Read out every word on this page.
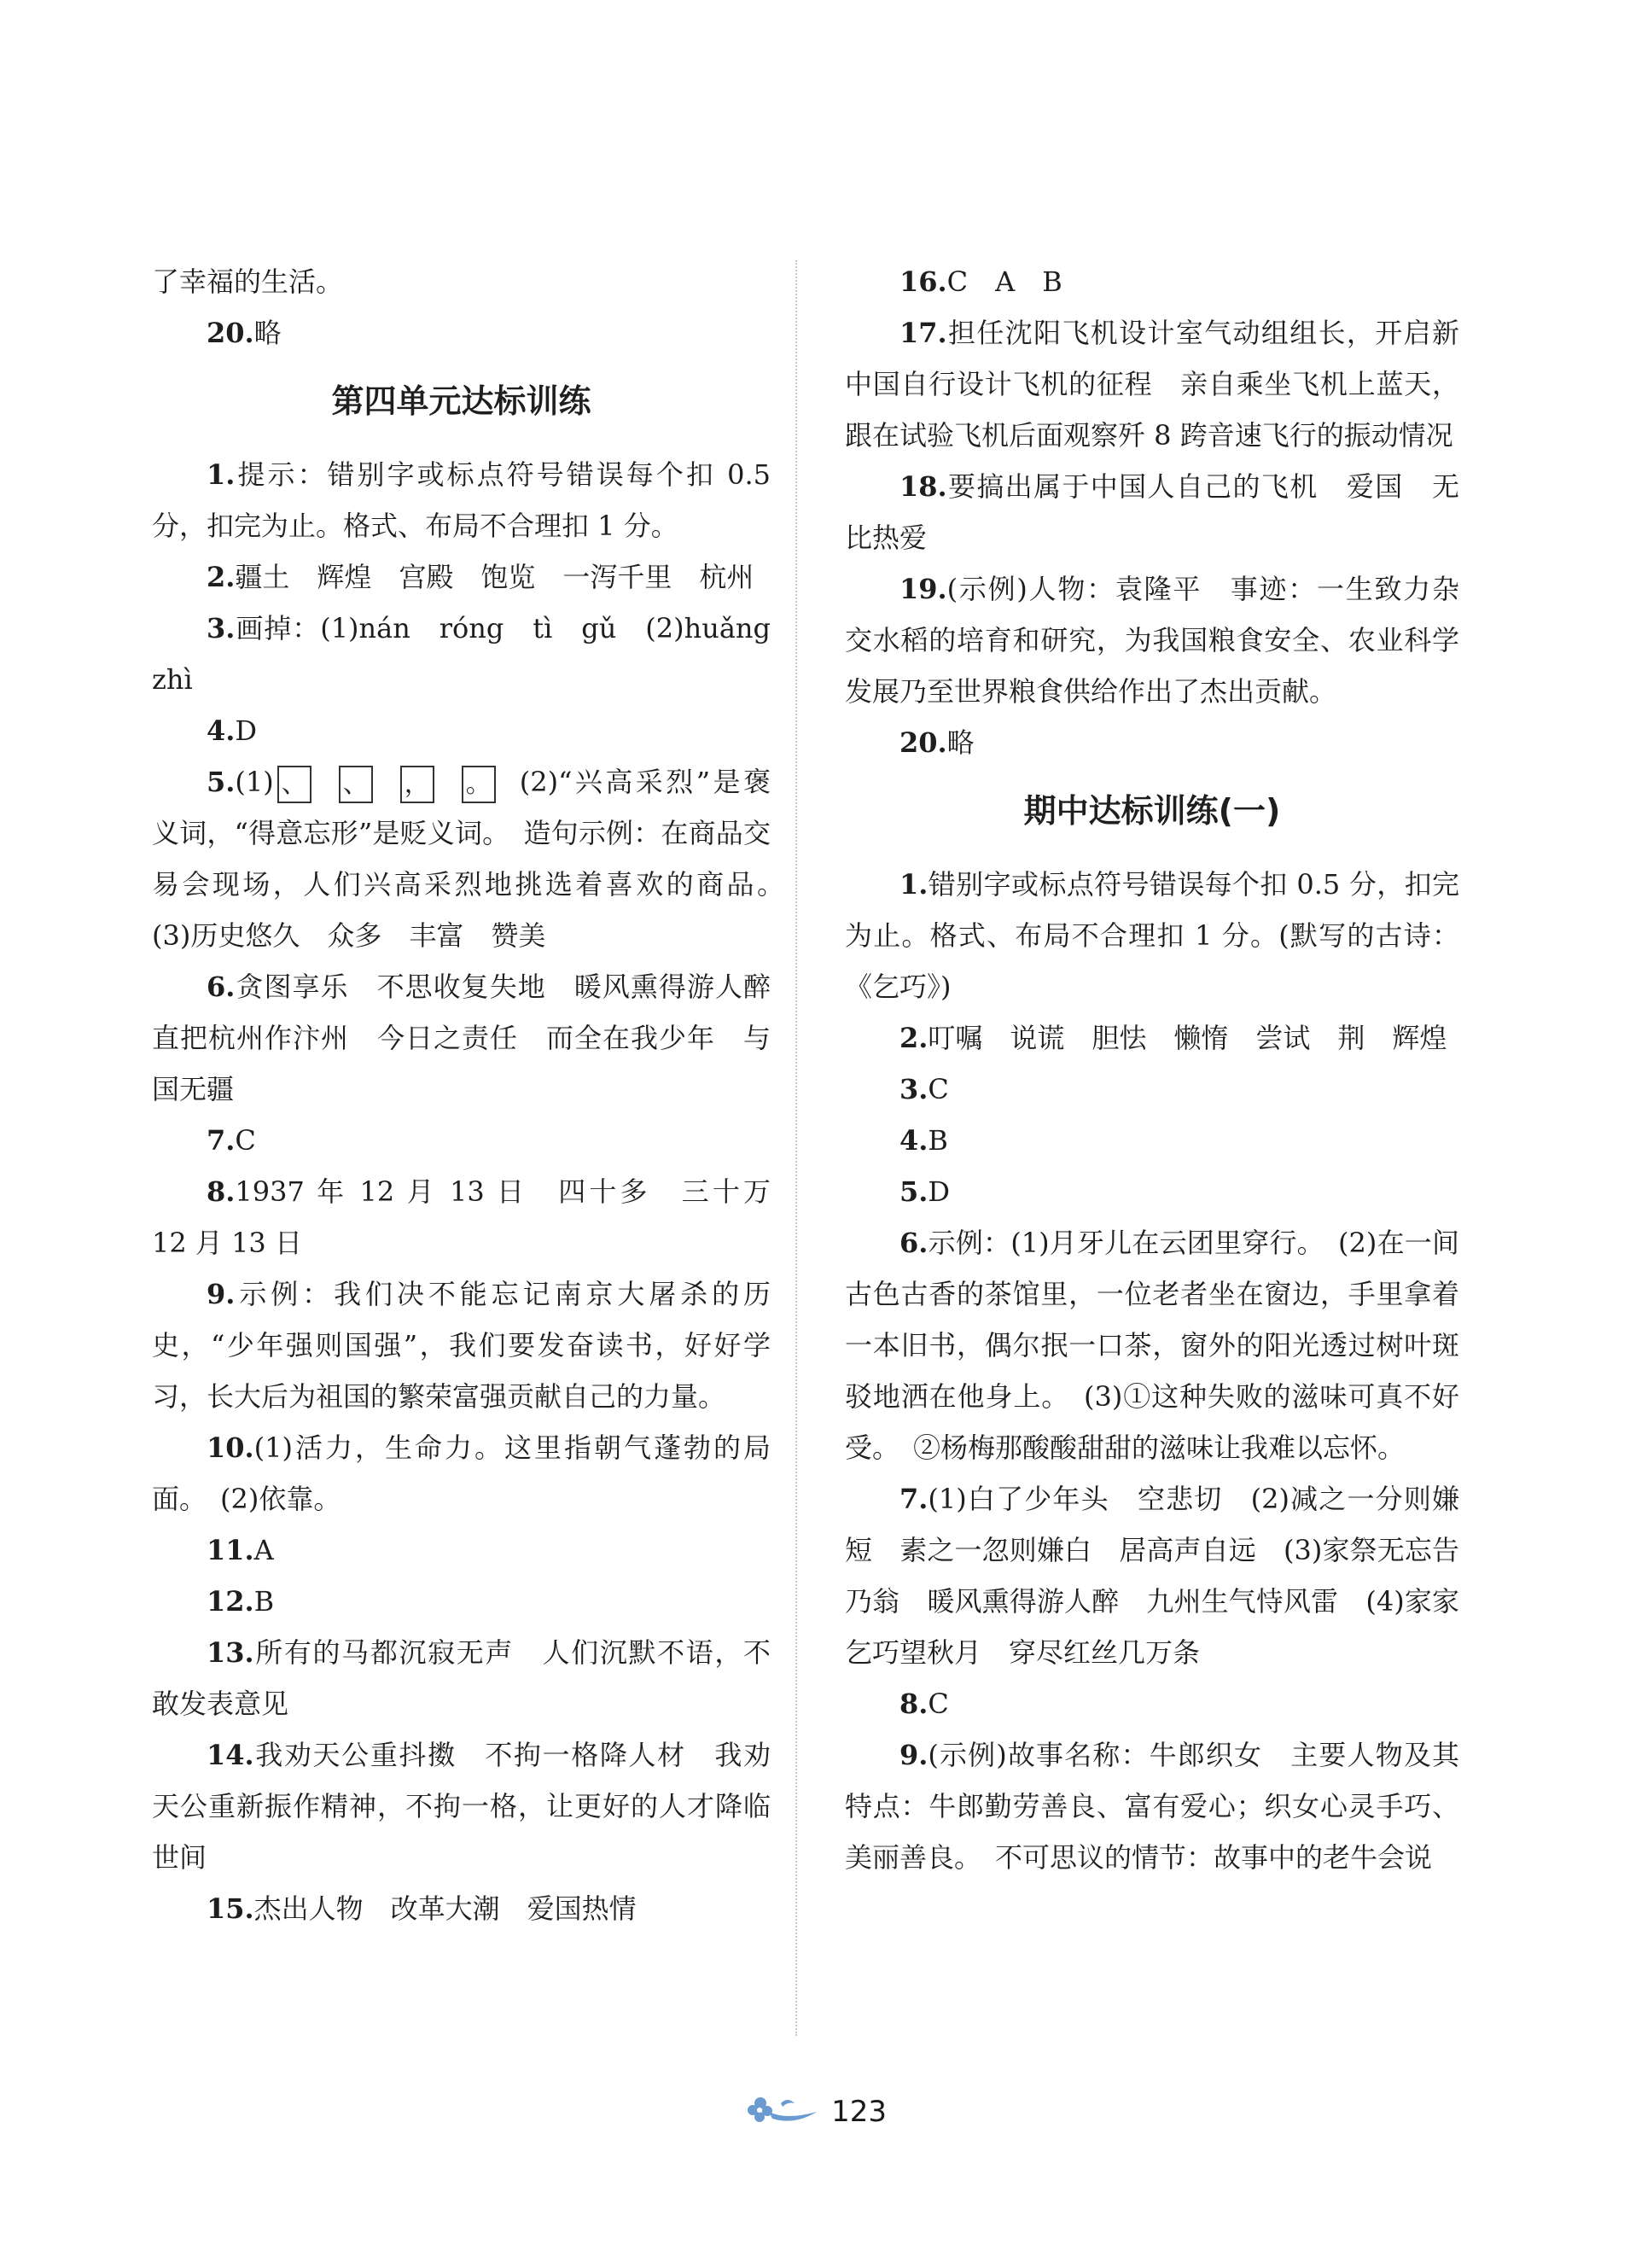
了幸福的生活。

20.略

第四单元达标训练

1.提示：错别字或标点符号错误每个扣 0.5 分，扣完为止。格式、布局不合理扣 1 分。

2.疆土　辉煌　宫殿　饱览　一泻千里　杭州

3.画掉：(1)nán　róng　tì　gǔ　(2)huǎng　zhì

4.D

5.(1) 、 、 ， 。 (2)“兴高采烈”是褒义词，“得意忘形”是贬义词。　造句示例：在商品交易会现场，人们兴高采烈地挑选着喜欢的商品。　(3)历史悠久　众多　丰富　赞美

6.贪图享乐　不思收复失地　暖风熏得游人醉　直把杭州作汴州　今日之责任　而全在我少年　与国无疆

7.C

8.1937 年 12 月 13 日　四十多　三十万　12 月 13 日

9.示例：我们决不能忘记南京大屠杀的历史，“少年强则国强”，我们要发奋读书，好好学习，长大后为祖国的繁荣富强贡献自己的力量。

10.(1)活力，生命力。这里指朝气蓬勃的局面。　(2)依靠。

11.A

12.B

13.所有的马都沉寂无声　人们沉默不语，不敢发表意见

14.我劝天公重抖擞　不拘一格降人材　我劝天公重新振作精神，不拘一格，让更好的人才降临世间

15.杰出人物　改革大潮　爱国热情

16.C　A　B

17.担任沈阳飞机设计室气动组组长，开启新中国自行设计飞机的征程　亲自乘坐飞机上蓝天，跟在试验飞机后面观察歼 8 跨音速飞行的振动情况

18.要搞出属于中国人自己的飞机　爱国　无比热爱

19.(示例)人物：袁隆平　事迹：一生致力杂交水稻的培育和研究，为我国粮食安全、农业科学发展乃至世界粮食供给作出了杰出贡献。

20.略

期中达标训练(一)

1.错别字或标点符号错误每个扣 0.5 分，扣完为止。格式、布局不合理扣 1 分。(默写的古诗：《乞巧》)

2.叮嘱　说谎　胆怯　懒惰　尝试　荆　辉煌

3.C

4.B

5.D

6.示例：(1)月牙儿在云团里穿行。　(2)在一间古色古香的茶馆里，一位老者坐在窗边，手里拿着一本旧书，偶尔抿一口茶，窗外的阳光透过树叶斑驳地洒在他身上。　(3)①这种失败的滋味可真不好受。　②杨梅那酸酸甜甜的滋味让我难以忘怀。

7.(1)白了少年头　空悲切　(2)减之一分则嫌短　素之一忽则嫌白　居高声自远　(3)家祭无忘告乃翁　暖风熏得游人醉　九州生气恃风雷　(4)家家乞巧望秋月　穿尽红丝几万条

8.C

9.(示例)故事名称：牛郎织女　主要人物及其特点：牛郎勤劳善良、富有爱心；织女心灵手巧、美丽善良。　不可思议的情节：故事中的老牛会说

123
